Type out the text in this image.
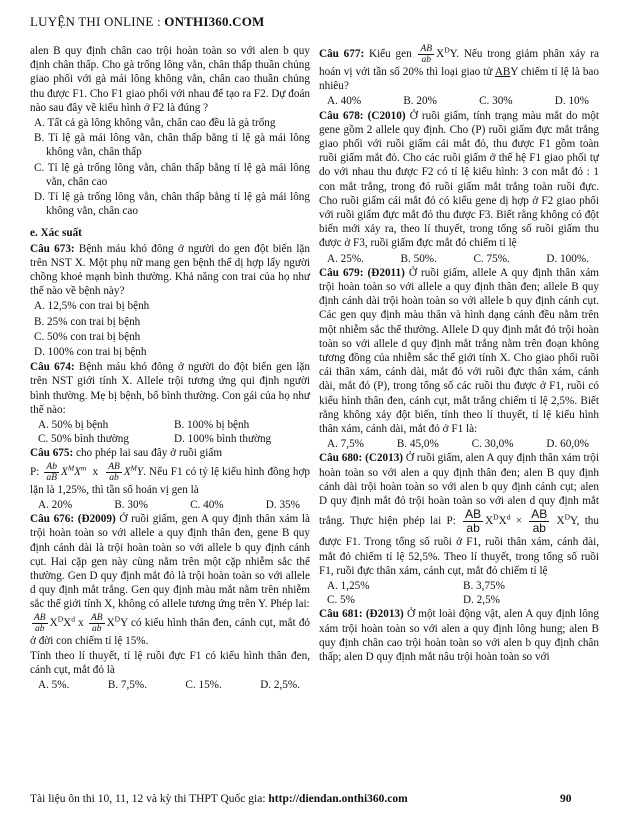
LUYỆN THI ONLINE : ONTHI360.COM

alen B quy định chân cao trội hoàn toàn so với alen b quy định chân thấp. Cho gà trống lông vằn, chân thấp thuần chủng giao phối với gà mái lông không vằn, chân cao thuần chủng thu được F1. Cho F1 giao phối với nhau để tạo ra F2. Dự đoán nào sau đây về kiểu hình ở F2 là đúng ?

A. Tất cả gà lông không vằn, chân cao đều là gà trống

B. Tỉ lệ gà mái lông vằn, chân thấp bằng tỉ lệ gà mái lông không vằn, chân thấp

C. Tỉ lệ gà trống lông vằn, chân thấp bằng tỉ lệ gà mái lông vằn, chân cao

D. Tỉ lệ gà trống lông vằn, chân thấp bằng tỉ lệ gà mái lông không vằn, chân cao

e. Xác suất

Câu 673: Bệnh máu khó đông ở người do gen đột biến lặn trên NST X. Một phụ nữ mang gen bệnh thể dị hợp lấy người chồng khoẻ mạnh bình thường. Khả năng con trai của họ như thế nào về bệnh này?

A. 12,5% con trai bị bệnh

B. 25% con trai bị bệnh

C. 50% con trai bị bệnh

D. 100% con trai bị bệnh

Câu 674: Bệnh máu khó đông ở người do đột biến gen lặn trên NST giới tính X. Allele trội tương ứng qui định người bình thường. Mẹ bị bệnh, bố bình thường. Con gái của họ như thế nào:

A. 50% bị bệnh	B. 100% bị bệnh
C. 50% bình thường	D. 100% bình thường

Câu 675: cho phép lai sau đây ở ruồi giấm

P: $\frac{Ab}{aB} X^MX^m$ x $\frac{AB}{ab} X^MY$. Nếu F1 có tỷ lệ kiểu hình đồng hợp lặn là 1,25%, thì tần số hoán vị gen là

A. 20%	B. 30%	C. 40%	D. 35%

Câu 676: (Đ2009) Ở ruồi giấm, gen A quy định thân xám là trội hoàn toàn so với allele a quy định thân đen, gene B quy định cánh dài là trội hoàn toàn so với allele b quy định cánh cụt. Hai cặp gen này cùng nằm trên một cặp nhiễm sắc thể thường. Gen D quy định mắt đỏ là trội hoàn toàn so với allele d quy định mắt trắng. Gen quy định màu mắt nằm trên nhiễm sắc thể giới tính X, không có allele tương ứng trên Y. Phép lai:

$\frac{AB}{ab} X^DX^d$ x $\frac{AB}{ab} X^DY$ có kiểu hình thân đen, cánh cụt, mắt đỏ ở đời con chiếm tỉ lệ 15%.

Tính theo lí thuyết, tỉ lệ ruồi đực F1 có kiểu hình thân đen, cánh cụt, mắt đỏ là

A. 5%.	B. 7,5%.	C. 15%.	D. 2,5%.

Câu 677: Kiểu gen $\frac{AB}{ab} X^DY$. Nếu trong giảm phân xảy ra hoán vị với tần số 20% thì loại giao tử ABY chiếm tỉ lệ là bao nhiêu?

A. 40%	B. 20%	C. 30%	D. 10%

Câu 678: (C2010) Ở ruồi giấm, tính trạng màu mắt do một gene gồm 2 allele quy định. Cho (P) ruồi giấm đực mắt trắng giao phối với ruồi giấm cái mắt đỏ, thu được F1 gồm toàn ruồi giấm mắt đỏ. Cho các ruồi giấm ở thế hệ F1 giao phối tự do với nhau thu được F2 có tỉ lệ kiểu hình: 3 con mắt đỏ : 1 con mắt trắng, trong đó ruồi giấm mắt trắng toàn ruồi đực. Cho ruồi giấm cái mắt đỏ có kiểu gene dị hợp ở F2 giao phối với ruồi giấm đực mắt đỏ thu được F3. Biết rằng không có đột biến mới xảy ra, theo lí thuyết, trong tổng số ruồi giấm thu được ở F3, ruồi giấm đực mắt đỏ chiếm tỉ lệ

A. 25%.	B. 50%.	C. 75%.	D. 100%.

Câu 679: (Đ2011) Ở ruồi giấm, allele A quy định thân xám trội hoàn toàn so với allele a quy định thân đen; allele B quy định cánh dài trội hoàn toàn so với allele b quy định cánh cụt. Các gen quy định màu thân và hình dạng cánh đều nằm trên một nhiễm sắc thể thường. Allele D quy định mắt đỏ trội hoàn toàn so với allele d quy định mắt trắng nằm trên đoạn không tương đồng của nhiễm sắc thể giới tính X. Cho giao phối ruồi cái thân xám, cánh dài, mắt đỏ với ruồi đực thân xám, cánh dài, mắt đỏ (P), trong tổng số các ruồi thu được ở F1, ruồi có kiểu hình thân đen, cánh cụt, mắt trắng chiếm tỉ lệ 2,5%. Biết rằng không xảy đột biến, tính theo lí thuyết, tỉ lệ kiểu hình thân xám, cánh dài, mắt đỏ ở F1 là:

A. 7,5%	B. 45,0%	C. 30,0%	D. 60,0%

Câu 680: (C2013) Ở ruồi giấm, alen A quy định thân xám trội hoàn toàn so với alen a quy định thân đen; alen B quy định cánh dài trội hoàn toàn so với alen b quy định cánh cụt; alen D quy định mắt đỏ trội hoàn toàn so với alen d quy định mắt trắng. Thực hiện phép lai P: $\frac{AB}{ab} X^DX^d \times \frac{AB}{ab} X^DY$, thu được F1. Trong tổng số ruồi ở F1, ruồi thân xám, cánh dài, mắt đỏ chiếm tỉ lệ 52,5%. Theo lí thuyết, trong tổng số ruồi F1, ruồi đực thân xám, cánh cụt, mắt đỏ chiếm tỉ lệ

A. 1,25%	B. 3,75%
C. 5%	D. 2,5%

Câu 681: (Đ2013) Ở một loài động vật, alen A quy định lông xám trội hoàn toàn so với alen a quy định lông hung; alen B quy định chân cao trội hoàn toàn so với alen b quy định chân thấp; alen D quy định mắt nâu trội hoàn toàn so với

Tài liệu ôn thi 10, 11, 12 và kỳ thi THPT Quốc gia: http://diendan.onthi360.com	90
